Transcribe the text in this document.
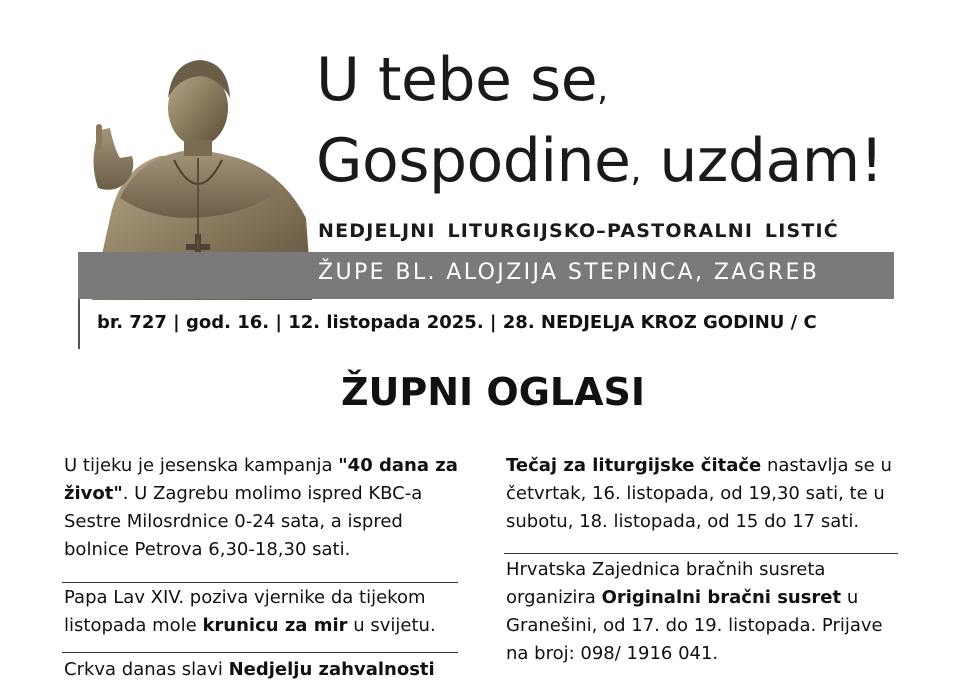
U tebe se,
Gospodine, uzdam!
NEDJELJNI LITURGIJSKO–PASTORALNI LISTIĆ
ŽUPE BL. ALOJZIJA STEPINCA, ZAGREB
br. 727 | god. 16. | 12. listopada 2025. | 28. NEDJELJA KROZ GODINU / C
ŽUPNI OGLASI

U tijeku je jesenska kampanja "40 dana za život". U Zagrebu molimo ispred KBC-a Sestre Milosrdnice 0-24 sata, a ispred bolnice Petrova 6,30-18,30 sati.

Papa Lav XIV. poziva vjernike da tijekom listopada mole krunicu za mir u svijetu.

Crkva danas slavi Nedjelju zahvalnosti

Tečaj za liturgijske čitače nastavlja se u četvrtak, 16. listopada, od 19,30 sati, te u subotu, 18. listopada, od 15 do 17 sati.

Hrvatska Zajednica bračnih susreta organizira Originalni bračni susret u Granešini, od 17. do 19. listopada. Prijave na broj: 098/ 1916 041.
